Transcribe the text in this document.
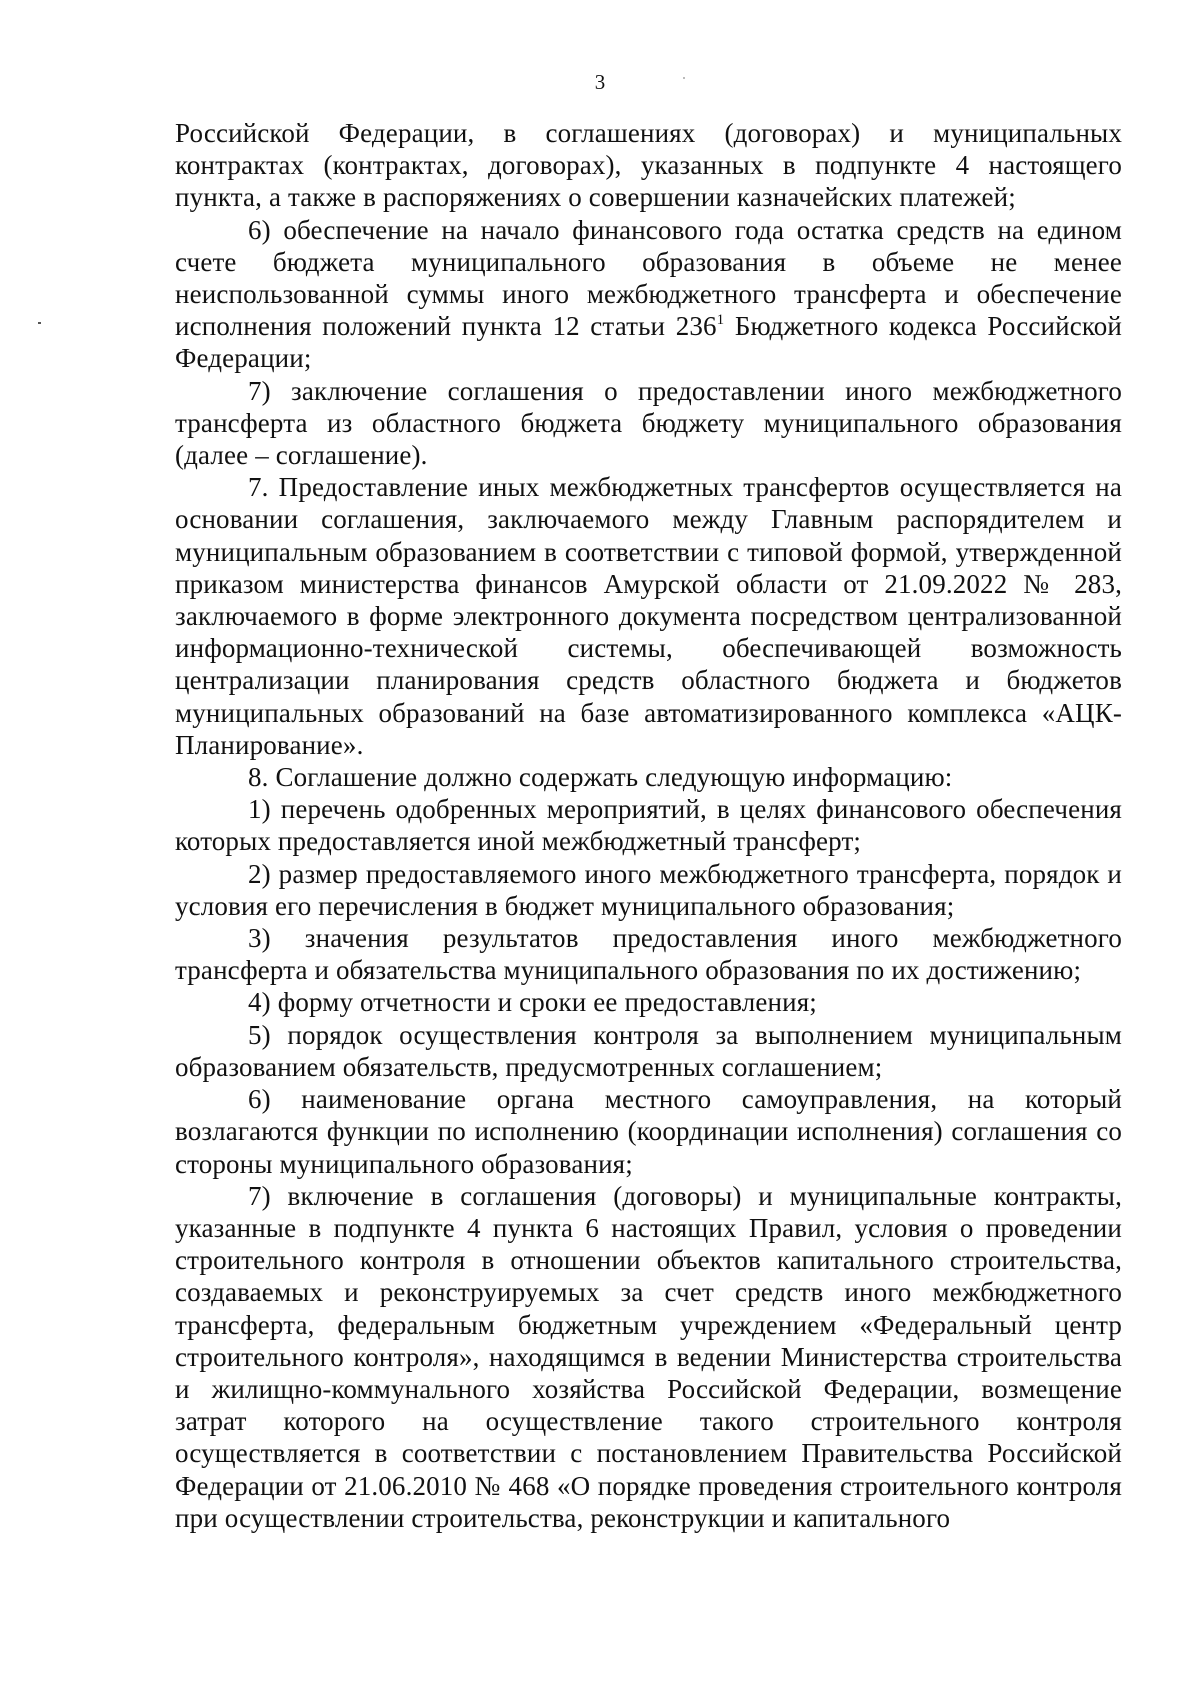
3

Российской Федерации, в соглашениях (договорах) и муниципальных контрактах (контрактах, договорах), указанных в подпункте 4 настоящего пункта, а также в распоряжениях о совершении казначейских платежей;

6) обеспечение на начало финансового года остатка средств на едином счете бюджета муниципального образования в объеме не менее неиспользованной суммы иного межбюджетного трансферта и обеспечение исполнения положений пункта 12 статьи $236^1$ Бюджетного кодекса Российской Федерации;

7) заключение соглашения о предоставлении иного межбюджетного трансферта из областного бюджета бюджету муниципального образования (далее – соглашение).

7. Предоставление иных межбюджетных трансфертов осуществляется на основании соглашения, заключаемого между Главным распорядителем и муниципальным образованием в соответствии с типовой формой, утвержденной приказом министерства финансов Амурской области от 21.09.2022 № 283, заключаемого в форме электронного документа посредством централизованной информационно-технической системы, обеспечивающей возможность централизации планирования средств областного бюджета и бюджетов муниципальных образований на базе автоматизированного комплекса «АЦК-Планирование».

8. Соглашение должно содержать следующую информацию:

1) перечень одобренных мероприятий, в целях финансового обеспечения которых предоставляется иной межбюджетный трансферт;

2) размер предоставляемого иного межбюджетного трансферта, порядок и условия его перечисления в бюджет муниципального образования;

3) значения результатов предоставления иного межбюджетного трансферта и обязательства муниципального образования по их достижению;

4) форму отчетности и сроки ее предоставления;

5) порядок осуществления контроля за выполнением муниципальным образованием обязательств, предусмотренных соглашением;

6) наименование органа местного самоуправления, на который возлагаются функции по исполнению (координации исполнения) соглашения со стороны муниципального образования;

7) включение в соглашения (договоры) и муниципальные контракты, указанные в подпункте 4 пункта 6 настоящих Правил, условия о проведении строительного контроля в отношении объектов капитального строительства, создаваемых и реконструируемых за счет средств иного межбюджетного трансферта, федеральным бюджетным учреждением «Федеральный центр строительного контроля», находящимся в ведении Министерства строительства и жилищно-коммунального хозяйства Российской Федерации, возмещение затрат которого на осуществление такого строительного контроля осуществляется в соответствии с постановлением Правительства Российской Федерации от 21.06.2010 № 468 «О порядке проведения строительного контроля при осуществлении строительства, реконструкции и капитального
